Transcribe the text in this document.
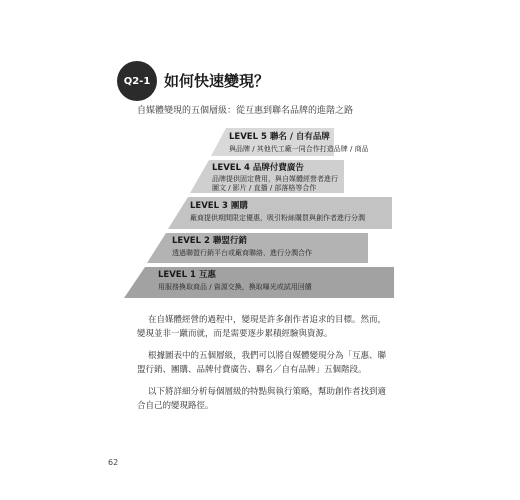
Q2-1 如何快速變現？
自媒體變現的五個層級：從互惠到聯名品牌的進階之路
LEVEL 5 聯名 / 自有品牌
與品牌 / 其他代工廠一同合作打造品牌 / 商品
LEVEL 4 品牌付費廣告
品牌提供固定費用，與自媒體經營者進行
圖文 / 影片 / 直播 / 部落格等合作
LEVEL 3 團購
廠商提供期間限定優惠，吸引粉絲購買與創作者進行分潤
LEVEL 2 聯盟行銷
透過聯盟行銷平台或廠商聯絡，進行分潤合作
LEVEL 1 互惠
用服務換取商品 / 資源交換，換取曝光或試用回饋
在自媒體經營的過程中，變現是許多創作者追求的目標。然而，
變現並非一蹴而就，而是需要逐步累積經驗與資源。
根據圖表中的五個層級，我們可以將自媒體變現分為「互惠、聯
盟行銷、團購、品牌付費廣告、聯名／自有品牌」五個階段。
以下將詳細分析每個層級的特點與執行策略，幫助創作者找到適
合自己的變現路徑。
62
